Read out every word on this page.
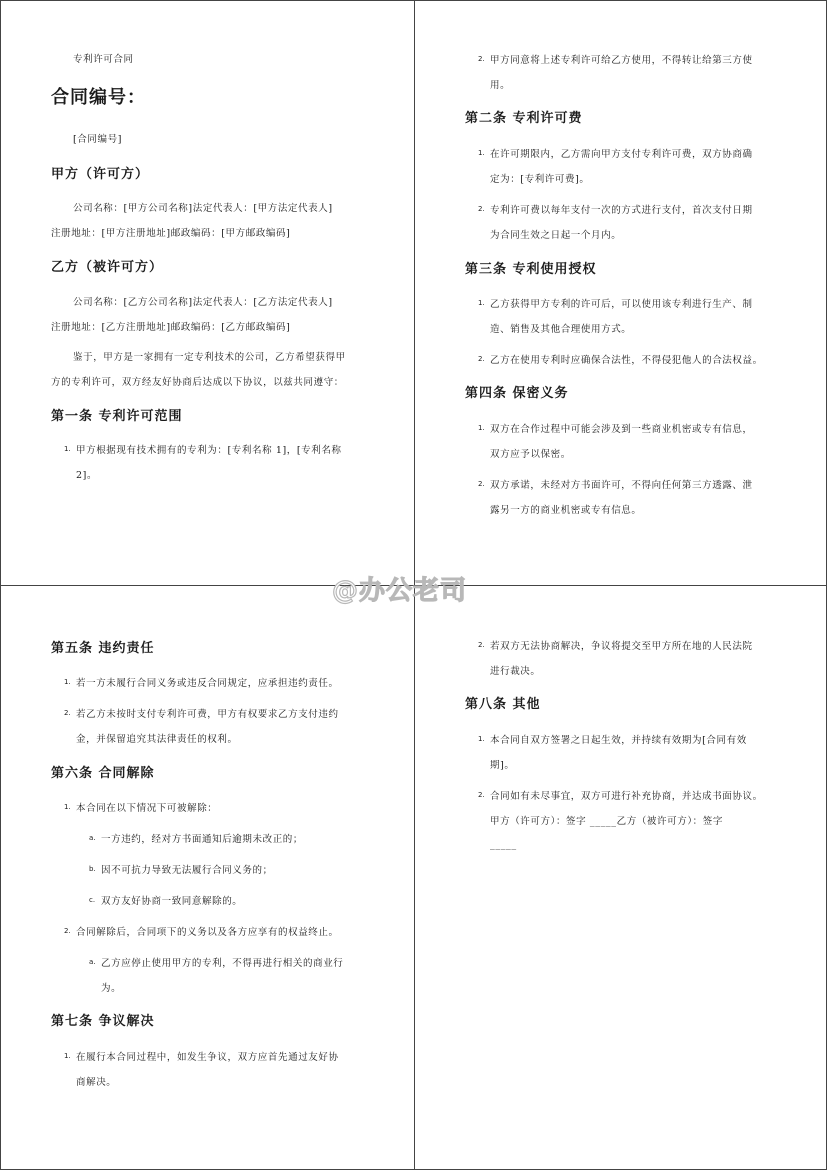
专利许可合同
合同编号：
[合同编号]
甲方（许可方）
公司名称：[甲方公司名称]法定代表人：[甲方法定代表人]
注册地址：[甲方注册地址]邮政编码：[甲方邮政编码]
乙方（被许可方）
公司名称：[乙方公司名称]法定代表人：[乙方法定代表人]
注册地址：[乙方注册地址]邮政编码：[乙方邮政编码]
鉴于，甲方是一家拥有一定专利技术的公司，乙方希望获得甲
方的专利许可，双方经友好协商后达成以下协议，以兹共同遵守：
第一条 专利许可范围
1. 甲方根据现有技术拥有的专利为：[专利名称 1]，[专利名称
2]。
2. 甲方同意将上述专利许可给乙方使用，不得转让给第三方使
用。
第二条 专利许可费
1. 在许可期限内，乙方需向甲方支付专利许可费，双方协商确
定为：[专利许可费]。
2. 专利许可费以每年支付一次的方式进行支付，首次支付日期
为合同生效之日起一个月内。
第三条 专利使用授权
1. 乙方获得甲方专利的许可后，可以使用该专利进行生产、制
造、销售及其他合理使用方式。
2. 乙方在使用专利时应确保合法性，不得侵犯他人的合法权益。
第四条 保密义务
1. 双方在合作过程中可能会涉及到一些商业机密或专有信息，
双方应予以保密。
2. 双方承诺，未经对方书面许可，不得向任何第三方透露、泄
露另一方的商业机密或专有信息。
第五条 违约责任
1. 若一方未履行合同义务或违反合同规定，应承担违约责任。
2. 若乙方未按时支付专利许可费，甲方有权要求乙方支付违约
金，并保留追究其法律责任的权利。
第六条 合同解除
1. 本合同在以下情况下可被解除：
a. 一方违约，经对方书面通知后逾期未改正的；
b. 因不可抗力导致无法履行合同义务的；
c. 双方友好协商一致同意解除的。
2. 合同解除后，合同项下的义务以及各方应享有的权益终止。
a. 乙方应停止使用甲方的专利，不得再进行相关的商业行
为。
第七条 争议解决
1. 在履行本合同过程中，如发生争议，双方应首先通过友好协
商解决。
2. 若双方无法协商解决，争议将提交至甲方所在地的人民法院
进行裁决。
第八条 其他
1. 本合同自双方签署之日起生效，并持续有效期为[合同有效
期]。
2. 合同如有未尽事宜，双方可进行补充协商，并达成书面协议。
甲方（许可方）：签字 _____乙方（被许可方）：签字
_____
@办公老司
